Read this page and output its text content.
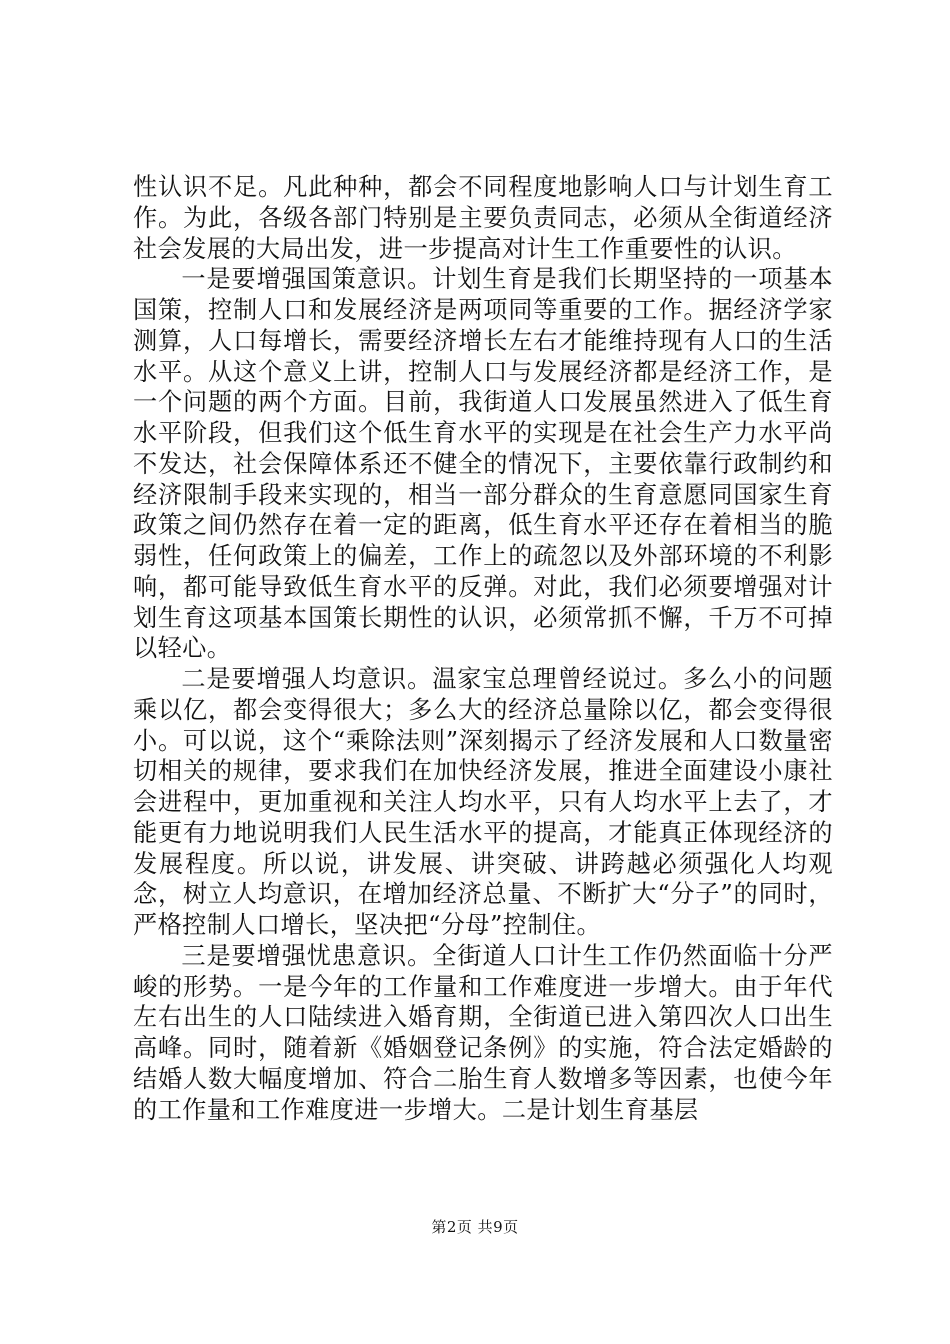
性认识不足。凡此种种，都会不同程度地影响人口与计划生育工作。为此，各级各部门特别是主要负责同志，必须从全街道经济社会发展的大局出发，进一步提高对计生工作重要性的认识。

一是要增强国策意识。计划生育是我们长期坚持的一项基本国策，控制人口和发展经济是两项同等重要的工作。据经济学家测算，人口每增长，需要经济增长左右才能维持现有人口的生活水平。从这个意义上讲，控制人口与发展经济都是经济工作，是一个问题的两个方面。目前，我街道人口发展虽然进入了低生育水平阶段，但我们这个低生育水平的实现是在社会生产力水平尚不发达，社会保障体系还不健全的情况下，主要依靠行政制约和经济限制手段来实现的，相当一部分群众的生育意愿同国家生育政策之间仍然存在着一定的距离，低生育水平还存在着相当的脆弱性，任何政策上的偏差，工作上的疏忽以及外部环境的不利影响，都可能导致低生育水平的反弹。对此，我们必须要增强对计划生育这项基本国策长期性的认识，必须常抓不懈，千万不可掉以轻心。

二是要增强人均意识。温家宝总理曾经说过。多么小的问题乘以亿，都会变得很大；多么大的经济总量除以亿，都会变得很小。可以说，这个“乘除法则”深刻揭示了经济发展和人口数量密切相关的规律，要求我们在加快经济发展，推进全面建设小康社会进程中，更加重视和关注人均水平，只有人均水平上去了，才能更有力地说明我们人民生活水平的提高，才能真正体现经济的发展程度。所以说，讲发展、讲突破、讲跨越必须强化人均观念，树立人均意识，在增加经济总量、不断扩大“分子”的同时，严格控制人口增长，坚决把“分母”控制住。

三是要增强忧患意识。全街道人口计生工作仍然面临十分严峻的形势。一是今年的工作量和工作难度进一步增大。由于年代左右出生的人口陆续进入婚育期，全街道已进入第四次人口出生高峰。同时，随着新《婚姻登记条例》的实施，符合法定婚龄的结婚人数大幅度增加、符合二胎生育人数增多等因素，也使今年的工作量和工作难度进一步增大。二是计划生育基层

第2页 共9页
